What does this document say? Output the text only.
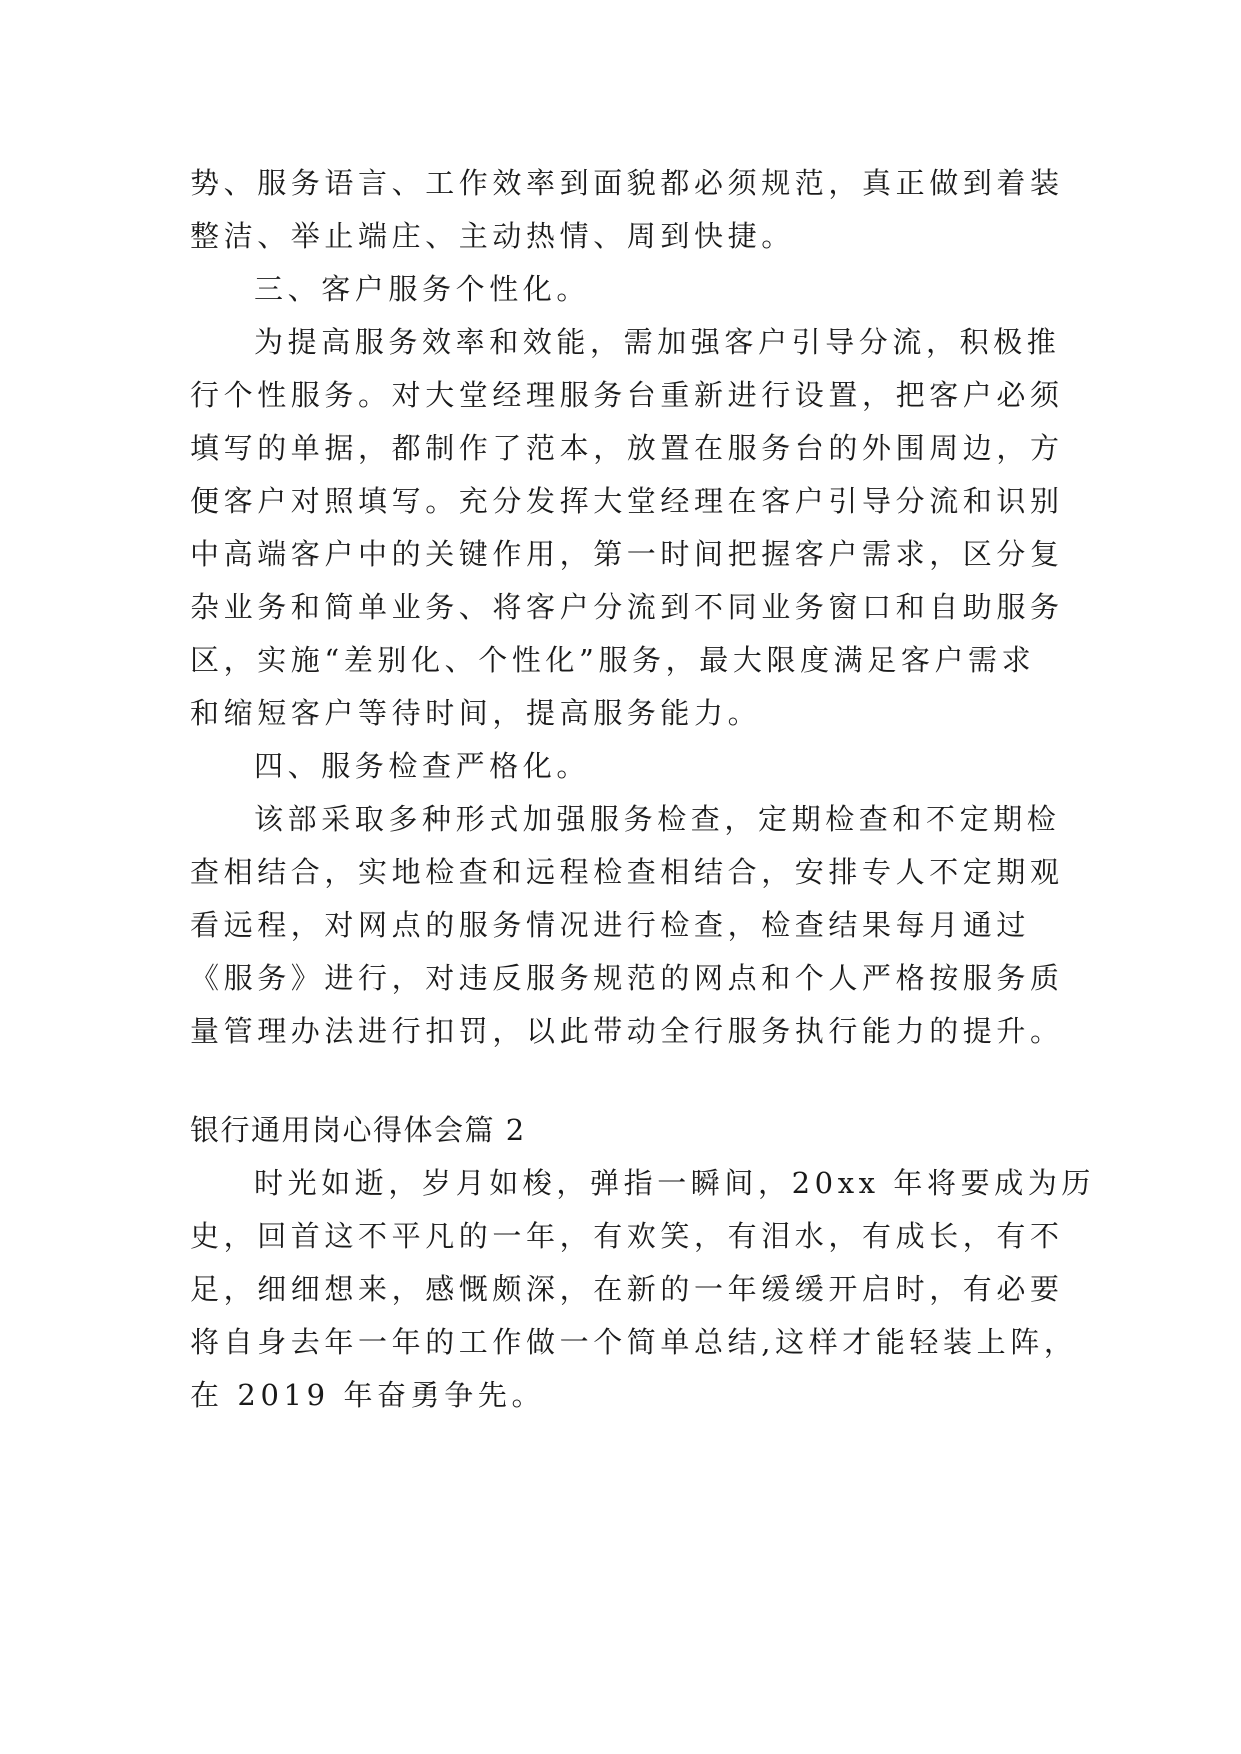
势、服务语言、工作效率到面貌都必须规范，真正做到着装
整洁、举止端庄、主动热情、周到快捷。
三、客户服务个性化。
为提高服务效率和效能，需加强客户引导分流，积极推
行个性服务。对大堂经理服务台重新进行设置，把客户必须
填写的单据，都制作了范本，放置在服务台的外围周边，方
便客户对照填写。充分发挥大堂经理在客户引导分流和识别
中高端客户中的关键作用，第一时间把握客户需求，区分复
杂业务和简单业务、将客户分流到不同业务窗口和自助服务
区，实施“差别化、个性化”服务，最大限度满足客户需求
和缩短客户等待时间，提高服务能力。
四、服务检查严格化。
该部采取多种形式加强服务检查，定期检查和不定期检
查相结合，实地检查和远程检查相结合，安排专人不定期观
看远程，对网点的服务情况进行检查，检查结果每月通过
《服务》进行，对违反服务规范的网点和个人严格按服务质
量管理办法进行扣罚，以此带动全行服务执行能力的提升。
银行通用岗心得体会篇 2
时光如逝，岁月如梭，弹指一瞬间，20xx 年将要成为历
史，回首这不平凡的一年，有欢笑，有泪水，有成长，有不
足，细细想来，感慨颇深，在新的一年缓缓开启时，有必要
将自身去年一年的工作做一个简单总结,这样才能轻装上阵，
在 2019 年奋勇争先。
